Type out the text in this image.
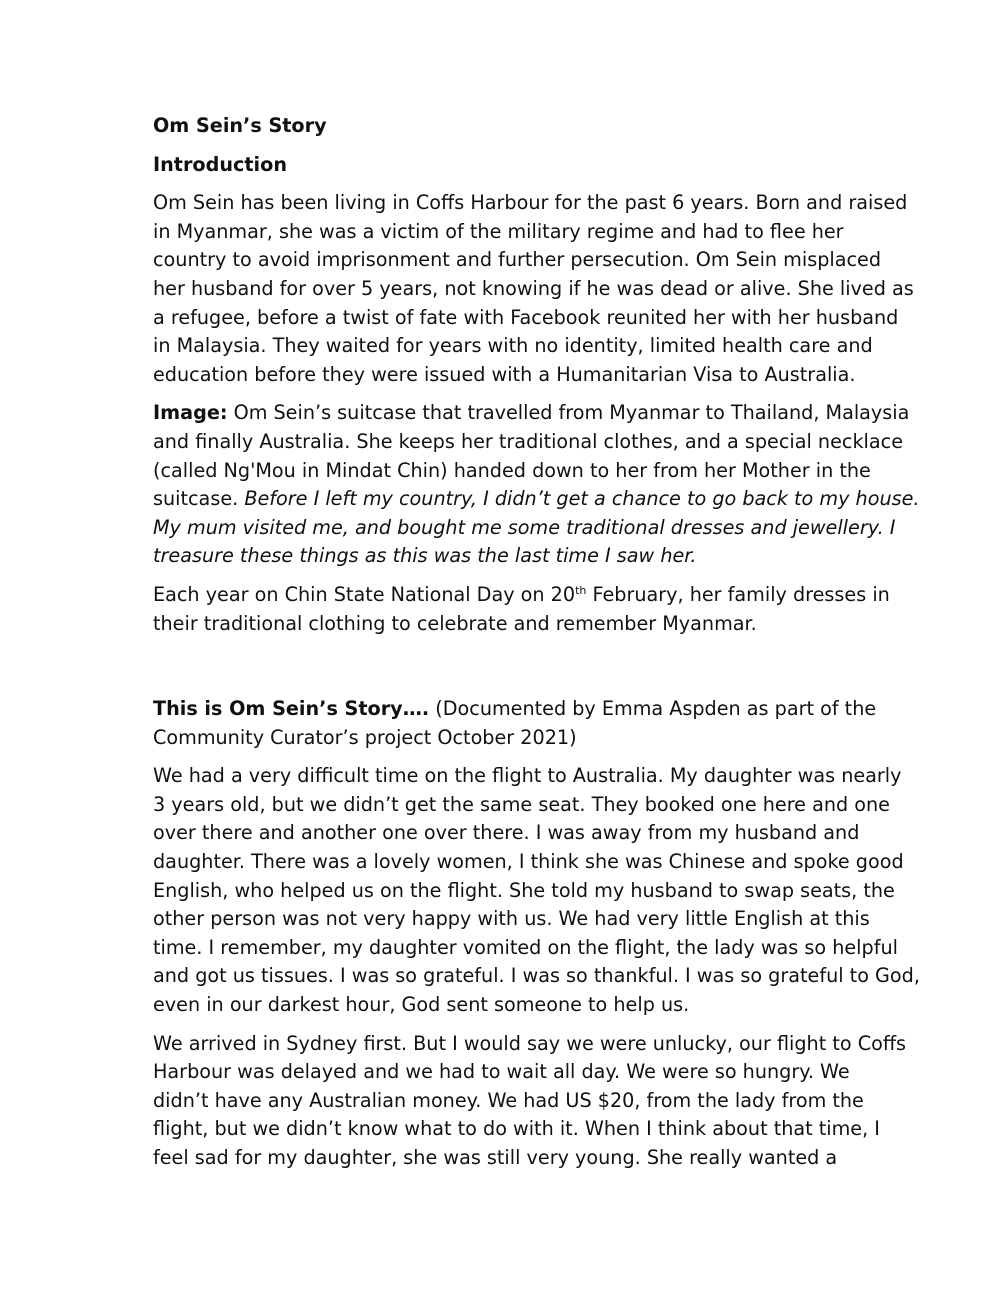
Om Sein’s Story
Introduction
Om Sein has been living in Coffs Harbour for the past 6 years. Born and raised
in Myanmar, she was a victim of the military regime and had to flee her
country to avoid imprisonment and further persecution. Om Sein misplaced
her husband for over 5 years, not knowing if he was dead or alive. She lived as
a refugee, before a twist of fate with Facebook reunited her with her husband
in Malaysia. They waited for years with no identity, limited health care and
education before they were issued with a Humanitarian Visa to Australia.
Image: Om Sein’s suitcase that travelled from Myanmar to Thailand, Malaysia
and finally Australia. She keeps her traditional clothes, and a special necklace
(called Ng'Mou in Mindat Chin) handed down to her from her Mother in the
suitcase. Before I left my country, I didn’t get a chance to go back to my house.
My mum visited me, and bought me some traditional dresses and jewellery. I
treasure these things as this was the last time I saw her.
Each year on Chin State National Day on 20th February, her family dresses in
their traditional clothing to celebrate and remember Myanmar.
This is Om Sein’s Story…. (Documented by Emma Aspden as part of the
Community Curator’s project October 2021)
We had a very difficult time on the flight to Australia. My daughter was nearly
3 years old, but we didn’t get the same seat. They booked one here and one
over there and another one over there. I was away from my husband and
daughter. There was a lovely women, I think she was Chinese and spoke good
English, who helped us on the flight. She told my husband to swap seats, the
other person was not very happy with us. We had very little English at this
time. I remember, my daughter vomited on the flight, the lady was so helpful
and got us tissues. I was so grateful. I was so thankful. I was so grateful to God,
even in our darkest hour, God sent someone to help us.
We arrived in Sydney first. But I would say we were unlucky, our flight to Coffs
Harbour was delayed and we had to wait all day. We were so hungry. We
didn’t have any Australian money. We had US $20, from the lady from the
flight, but we didn’t know what to do with it. When I think about that time, I
feel sad for my daughter, she was still very young. She really wanted a
